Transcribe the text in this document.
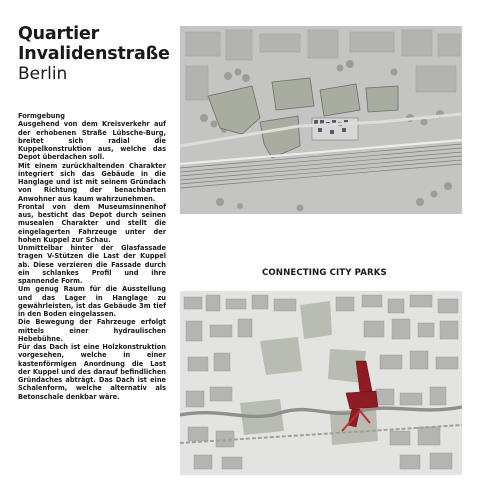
Quartier
Invalidenstraße
Berlin
Formgebung

Ausgehend von dem Kreisverkehr auf der erhobenen Straße Lübsche-Burg, breitet sich radial die Kuppelkonstruktion aus, welche das Depot überdachen soll.

Mit einem zurückhaltenden Charakter integriert sich das Gebäude in die Hanglage und ist mit seinem Gründach von Richtung der benachbarten Anwohner aus kaum wahrzunehmen.

Frontal von dem Museumsinnenhof aus, besticht das Depot durch seinen musealen Charakter und stellt die eingelagerten Fahrzeuge unter der hohen Kuppel zur Schau.

Unmittelbar hinter der Glasfassade tragen V-Stützen die Last der Kuppel ab. Diese verzieren die Fassade durch ein schlankes Profil und ihre spannende Form.

Um genug Raum für die Ausstellung und das Lager in Hanglage zu gewährleisten, ist das Gebäude 3m tief in den Boden eingelassen.

Die Bewegung der Fahrzeuge erfolgt mittels einer hydraulischen Hebebühne.

Für das Dach ist eine Holzkonstruktion vorgesehen, welche in einer kastenförmigen Anordnung die Last der Kuppel und des darauf befindlichen Gründaches abträgt. Das Dach ist eine Schalenform, welche alternativ als Betonschale denkbar wäre.

CONNECTING CITY PARKS
